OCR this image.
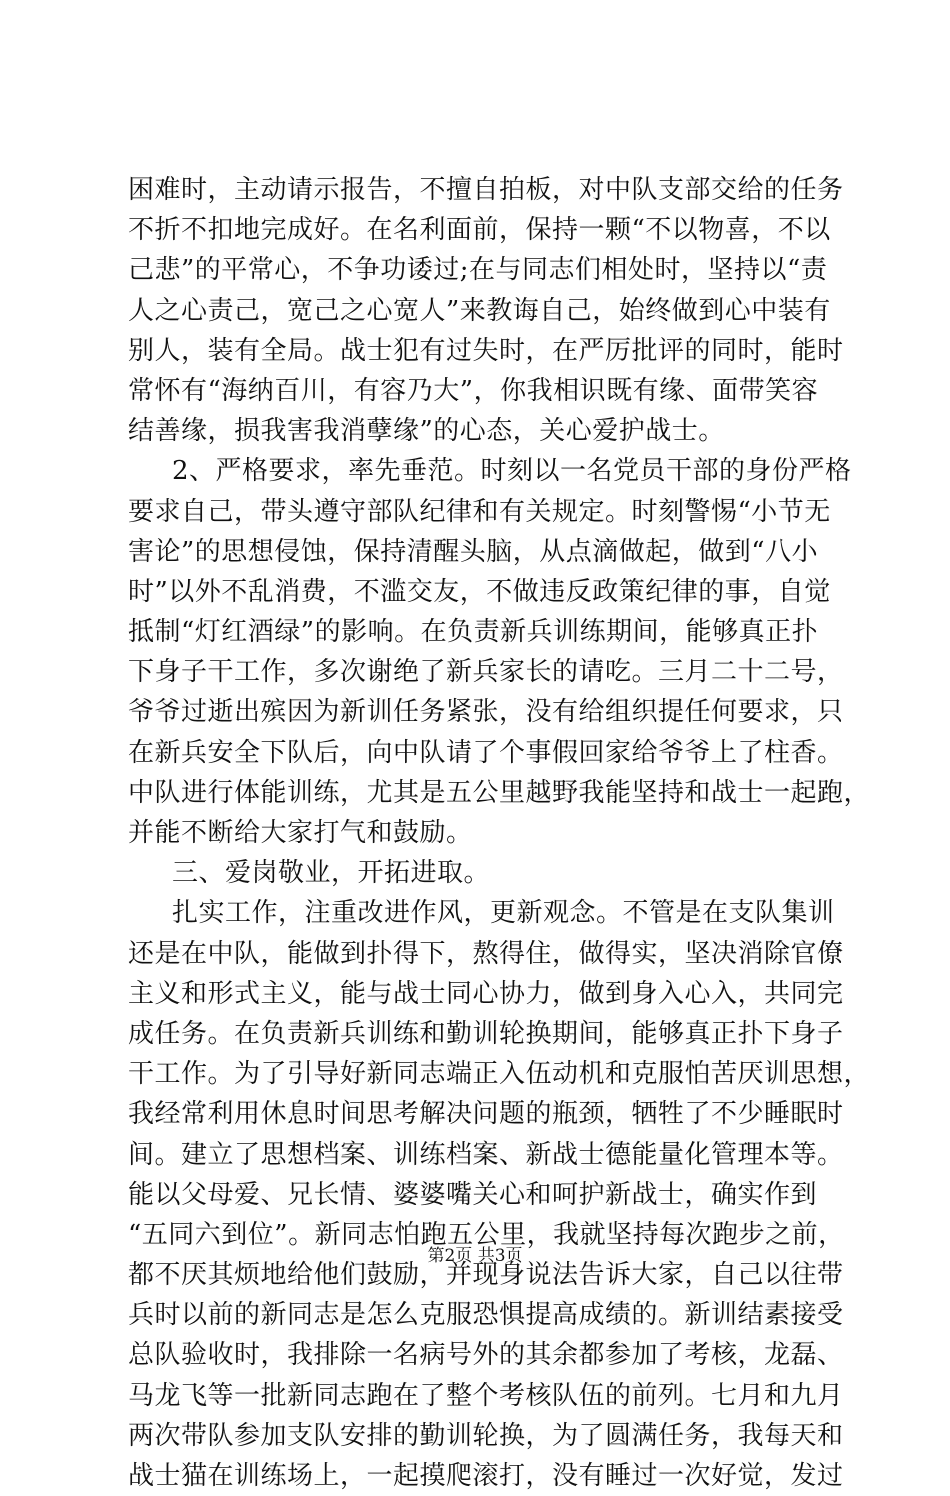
困难时，主动请示报告，不擅自拍板，对中队支部交给的任务
不折不扣地完成好。在名利面前，保持一颗“不以物喜，不以
己悲”的平常心，不争功诿过;在与同志们相处时，坚持以“责
人之心责己，宽己之心宽人”来教诲自己，始终做到心中装有
别人，装有全局。战士犯有过失时，在严厉批评的同时，能时
常怀有“海纳百川，有容乃大”，你我相识既有缘、面带笑容
结善缘，损我害我消孽缘”的心态，关心爱护战士。
2、严格要求，率先垂范。时刻以一名党员干部的身份严格
要求自己，带头遵守部队纪律和有关规定。时刻警惕“小节无
害论”的思想侵蚀，保持清醒头脑，从点滴做起，做到“八小
时”以外不乱消费，不滥交友，不做违反政策纪律的事，自觉
抵制“灯红酒绿”的影响。在负责新兵训练期间，能够真正扑
下身子干工作，多次谢绝了新兵家长的请吃。三月二十二号，
爷爷过逝出殡因为新训任务紧张，没有给组织提任何要求，只
在新兵安全下队后，向中队请了个事假回家给爷爷上了柱香。
中队进行体能训练，尤其是五公里越野我能坚持和战士一起跑，
并能不断给大家打气和鼓励。
三、爱岗敬业，开拓进取。
扎实工作，注重改进作风，更新观念。不管是在支队集训
还是在中队，能做到扑得下，熬得住，做得实，坚决消除官僚
主义和形式主义，能与战士同心协力，做到身入心入，共同完
成任务。在负责新兵训练和勤训轮换期间，能够真正扑下身子
干工作。为了引导好新同志端正入伍动机和克服怕苦厌训思想，
我经常利用休息时间思考解决问题的瓶颈，牺牲了不少睡眠时
间。建立了思想档案、训练档案、新战士德能量化管理本等。
能以父母爱、兄长情、婆婆嘴关心和呵护新战士，确实作到
“五同六到位”。新同志怕跑五公里，我就坚持每次跑步之前，
都不厌其烦地给他们鼓励，并现身说法告诉大家，自己以往带
兵时以前的新同志是怎么克服恐惧提高成绩的。新训结素接受
总队验收时，我排除一名病号外的其余都参加了考核，龙磊、
马龙飞等一批新同志跑在了整个考核队伍的前列。七月和九月
两次带队参加支队安排的勤训轮换，为了圆满任务，我每天和
战士猫在训练场上，一起摸爬滚打，没有睡过一次好觉，发过
第2页 共3页
